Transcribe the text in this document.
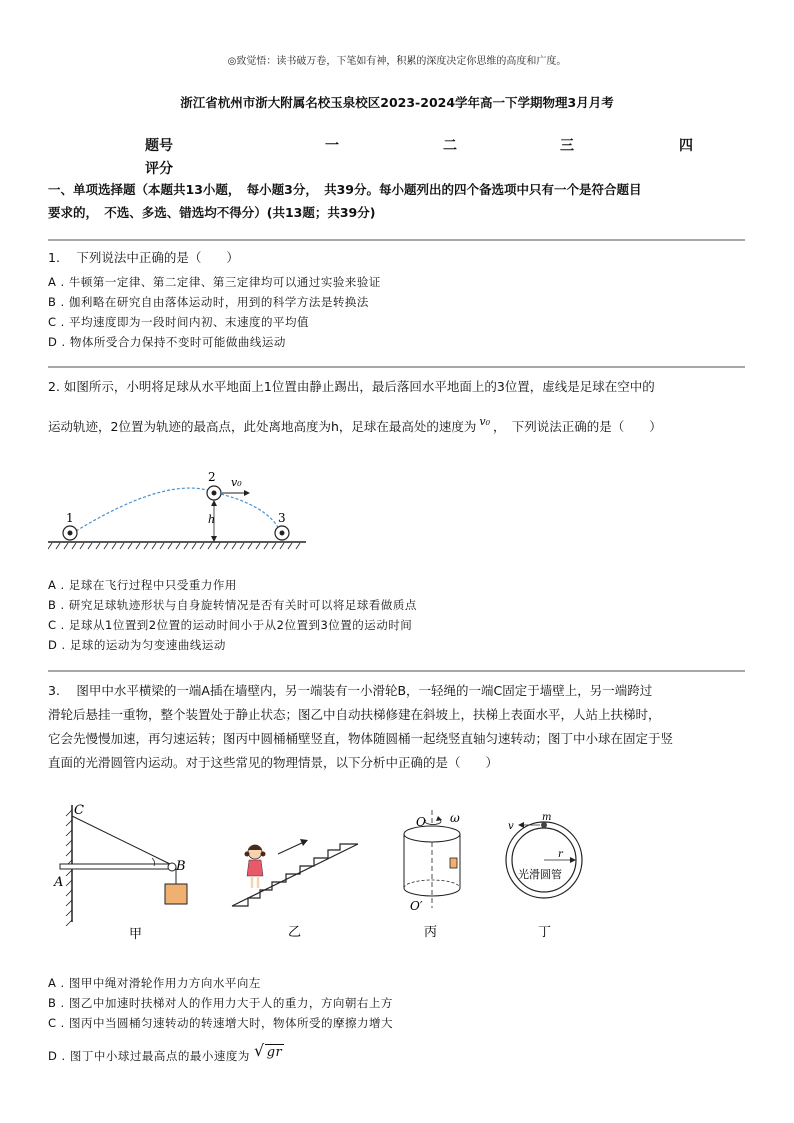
◎致觉悟：读书破万卷，下笔如有神，积累的深度决定你思维的高度和广度。
浙江省杭州市浙大附属名校玉泉校区2023-2024学年高一下学期物理3月月考
题号	一	二	三	四
评分
一、单项选择题（本题共13小题，　每小题3分，　共39分。每小题列出的四个备选项中只有一个是符合题目
要求的，　不选、多选、错选均不得分）(共13题；共39分)
1.　 下列说法中正确的是（　　）
A . 牛顿第一定律、第二定律、第三定律均可以通过实验来验证
B . 伽利略在研究自由落体运动时，用到的科学方法是转换法
C . 平均速度即为一段时间内初、末速度的平均值
D . 物体所受合力保持不变时可能做曲线运动
2. 如图所示，小明将足球从水平地面上1位置由静止踢出，最后落回水平地面上的3位置，虚线是足球在空中的
运动轨迹，2位置为轨迹的最高点，此处离地高度为h，足球在最高处的速度为 v₀ ，　下列说法正确的是（　　）
1
2
3
h
v₀
A . 足球在飞行过程中只受重力作用
B . 研究足球轨迹形状与自身旋转情况是否有关时可以将足球看做质点
C . 足球从1位置到2位置的运动时间小于从2位置到3位置的运动时间
D . 足球的运动为匀变速曲线运动
3.　 图甲中水平横梁的一端A插在墙壁内，另一端装有一小滑轮B，一轻绳的一端C固定于墙壁上，另一端跨过
滑轮后悬挂一重物，整个装置处于静止状态；图乙中自动扶梯修建在斜坡上，扶梯上表面水平，人站上扶梯时，
它会先慢慢加速，再匀速运转；图丙中圆桶桶壁竖直，物体随圆桶一起绕竖直轴匀速转动；图丁中小球在固定于竖
直面的光滑圆管内运动。对于这些常见的物理情景，以下分析中正确的是（　　）
C
A
B
甲	乙
O ω
O′
丙
m
v
r
光滑圆管
丁
A . 图甲中绳对滑轮作用力方向水平向左
B . 图乙中加速时扶梯对人的作用力大于人的重力，方向朝右上方
C . 图丙中当圆桶匀速转动的转速增大时，物体所受的摩擦力增大
D . 图丁中小球过最高点的最小速度为 √ gr
